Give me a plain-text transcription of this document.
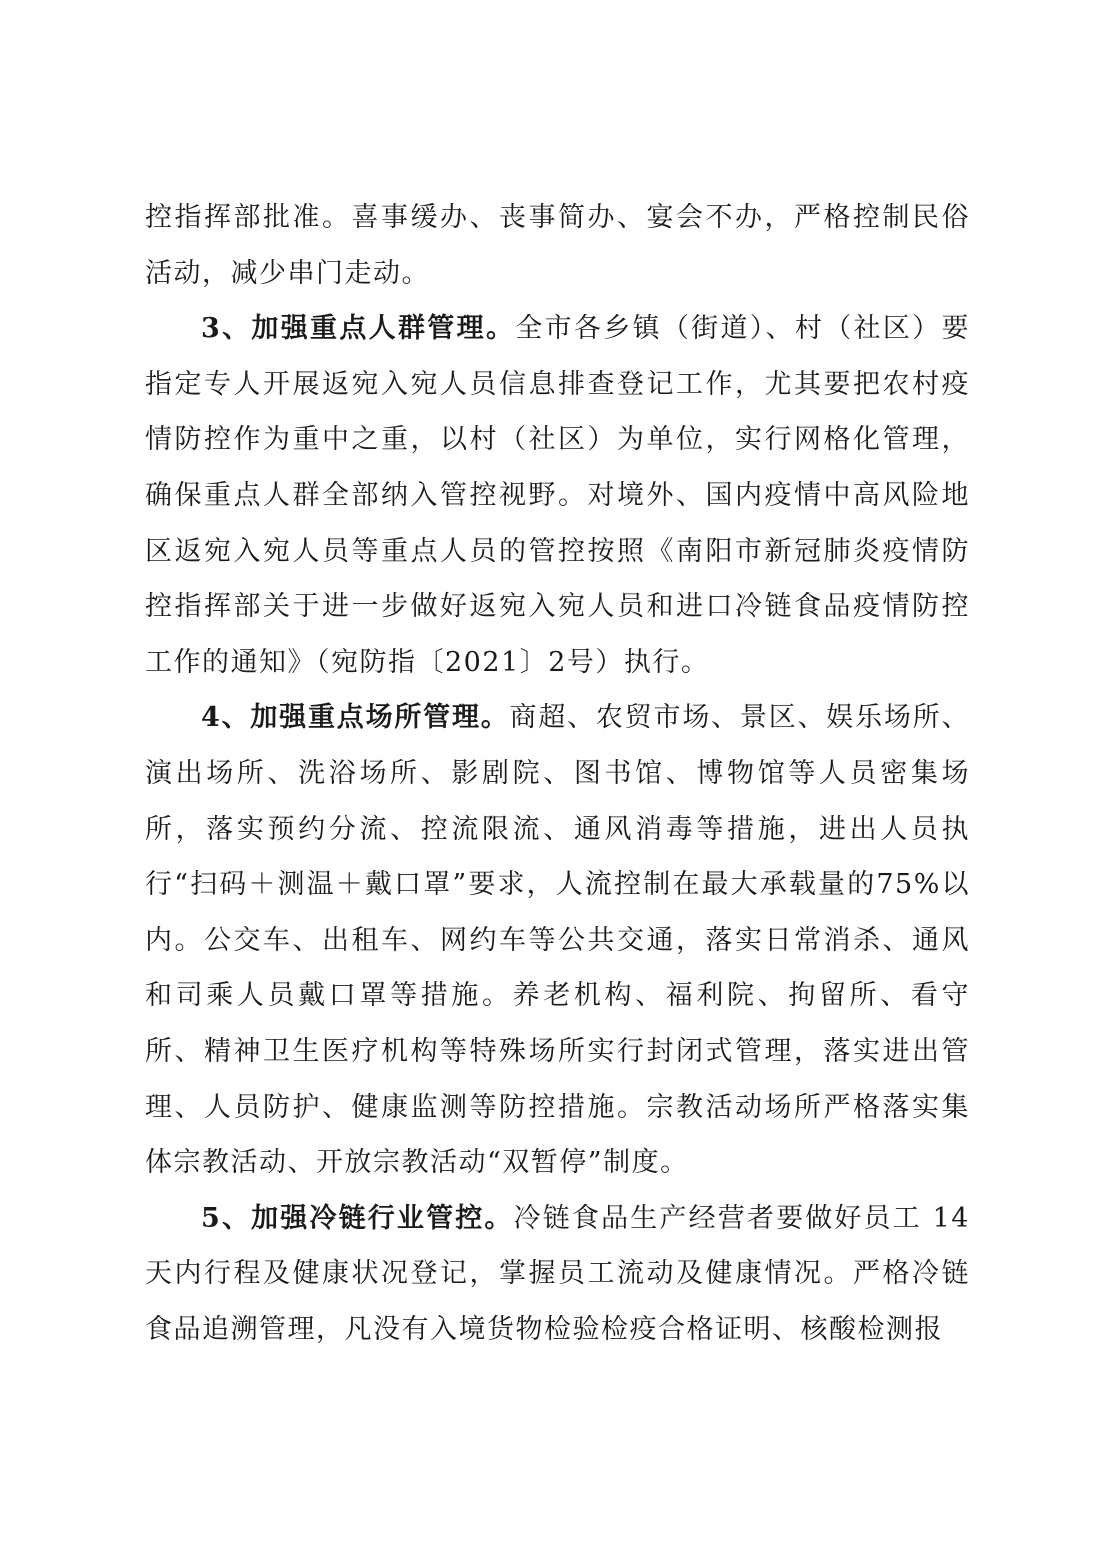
控指挥部批准。喜事缓办、丧事简办、宴会不办，严格控制民俗活动，减少串门走动。

3、加强重点人群管理。全市各乡镇（街道）、村（社区）要指定专人开展返宛入宛人员信息排查登记工作，尤其要把农村疫情防控作为重中之重，以村（社区）为单位，实行网格化管理，确保重点人群全部纳入管控视野。对境外、国内疫情中高风险地区返宛入宛人员等重点人员的管控按照《南阳市新冠肺炎疫情防控指挥部关于进一步做好返宛入宛人员和进口冷链食品疫情防控工作的通知》（宛防指〔2021〕2号）执行。

4、加强重点场所管理。商超、农贸市场、景区、娱乐场所、演出场所、洗浴场所、影剧院、图书馆、博物馆等人员密集场所，落实预约分流、控流限流、通风消毒等措施，进出人员执行“扫码＋测温＋戴口罩”要求，人流控制在最大承载量的75%以内。公交车、出租车、网约车等公共交通，落实日常消杀、通风和司乘人员戴口罩等措施。养老机构、福利院、拘留所、看守所、精神卫生医疗机构等特殊场所实行封闭式管理，落实进出管理、人员防护、健康监测等防控措施。宗教活动场所严格落实集体宗教活动、开放宗教活动“双暂停”制度。

5、加强冷链行业管控。冷链食品生产经营者要做好员工 14 天内行程及健康状况登记，掌握员工流动及健康情况。严格冷链食品追溯管理，凡没有入境货物检验检疫合格证明、核酸检测报
